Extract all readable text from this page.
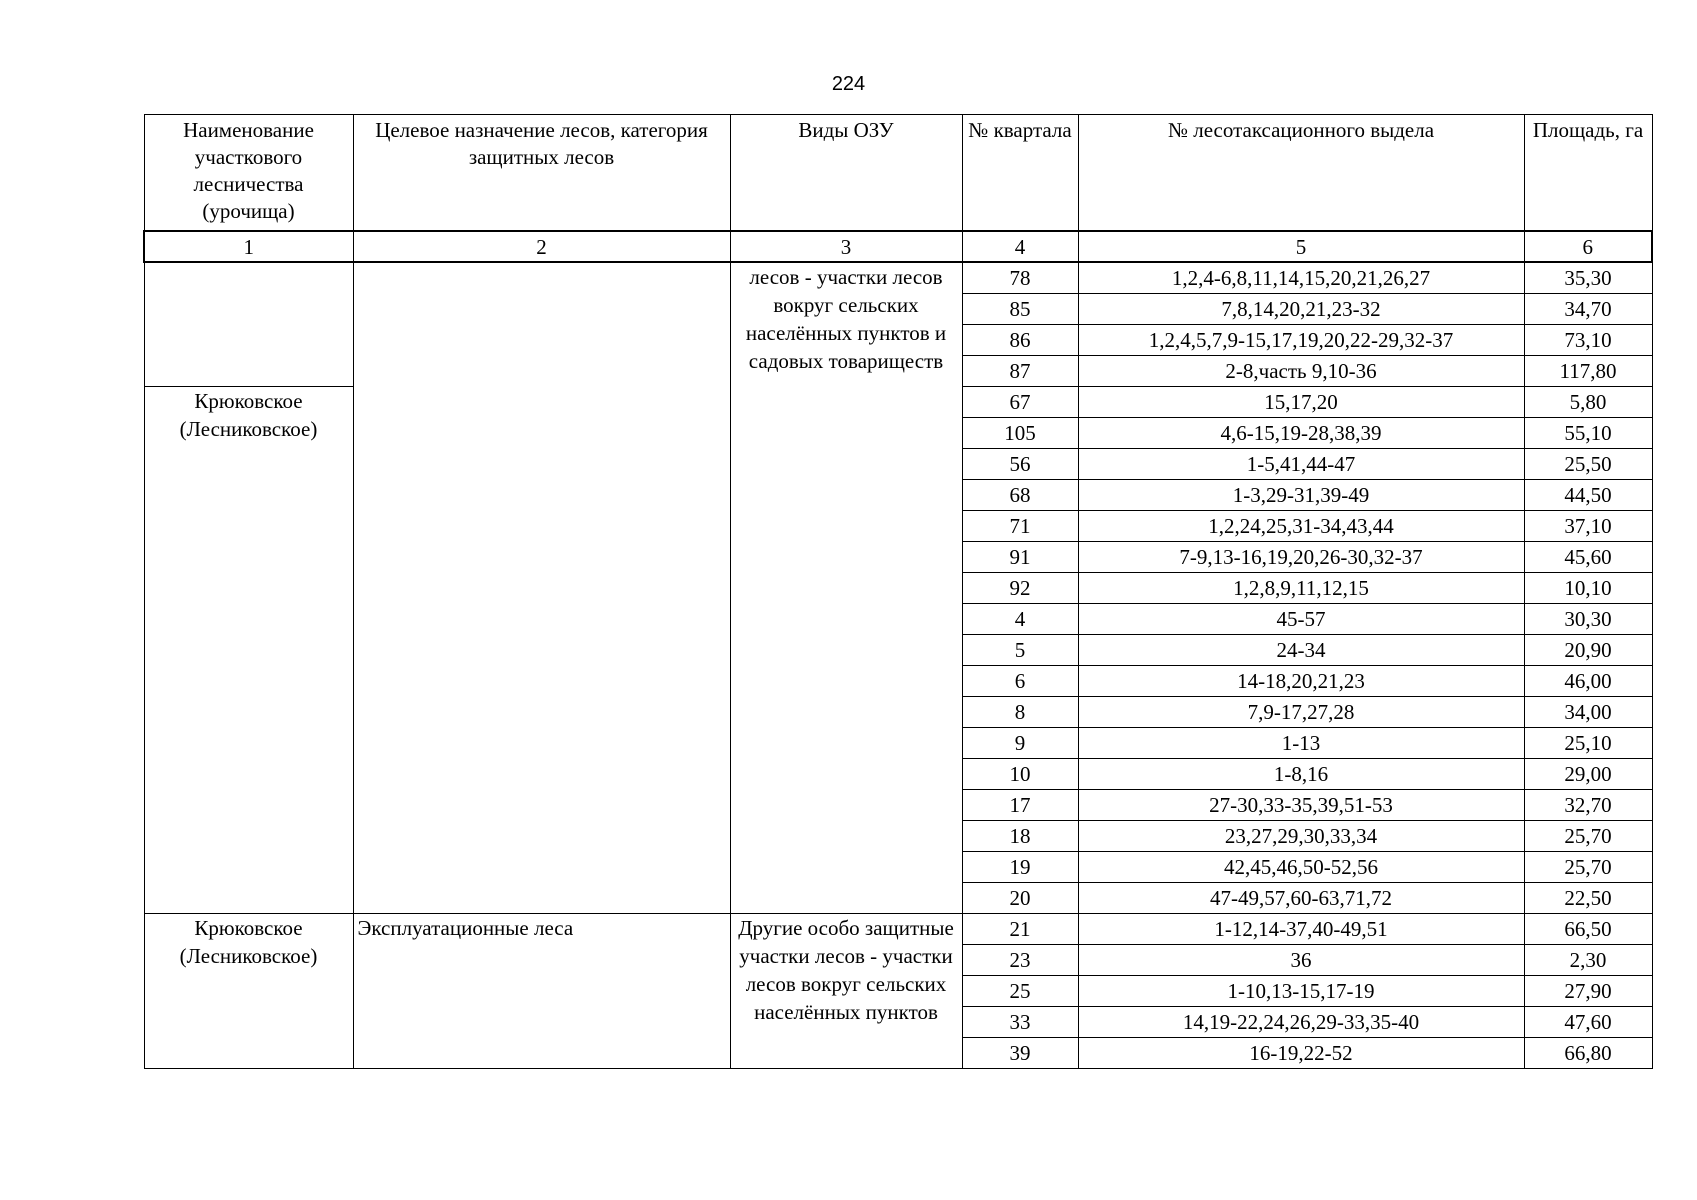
224
Наименование участкового лесничества (урочища)	Целевое назначение лесов, категория защитных лесов	Виды ОЗУ	№ квартала	№ лесотаксационного выдела	Площадь, га
1	2	3	4	5	6
		лесов - участки лесов вокруг сельских населённых пунктов и садовых товариществ	78	1,2,4-6,8,11,14,15,20,21,26,27	35,30
			85	7,8,14,20,21,23-32	34,70
			86	1,2,4,5,7,9-15,17,19,20,22-29,32-37	73,10
			87	2-8,часть 9,10-36	117,80
Крюковское (Лесниковское)			67	15,17,20	5,80
			105	4,6-15,19-28,38,39	55,10
			56	1-5,41,44-47	25,50
			68	1-3,29-31,39-49	44,50
			71	1,2,24,25,31-34,43,44	37,10
			91	7-9,13-16,19,20,26-30,32-37	45,60
			92	1,2,8,9,11,12,15	10,10
			4	45-57	30,30
			5	24-34	20,90
			6	14-18,20,21,23	46,00
			8	7,9-17,27,28	34,00
			9	1-13	25,10
			10	1-8,16	29,00
			17	27-30,33-35,39,51-53	32,70
			18	23,27,29,30,33,34	25,70
			19	42,45,46,50-52,56	25,70
			20	47-49,57,60-63,71,72	22,50
Крюковское (Лесниковское)	Эксплуатационные леса	Другие особо защитные участки лесов - участки лесов вокруг сельских населённых пунктов	21	1-12,14-37,40-49,51	66,50
			23	36	2,30
			25	1-10,13-15,17-19	27,90
			33	14,19-22,24,26,29-33,35-40	47,60
			39	16-19,22-52	66,80
